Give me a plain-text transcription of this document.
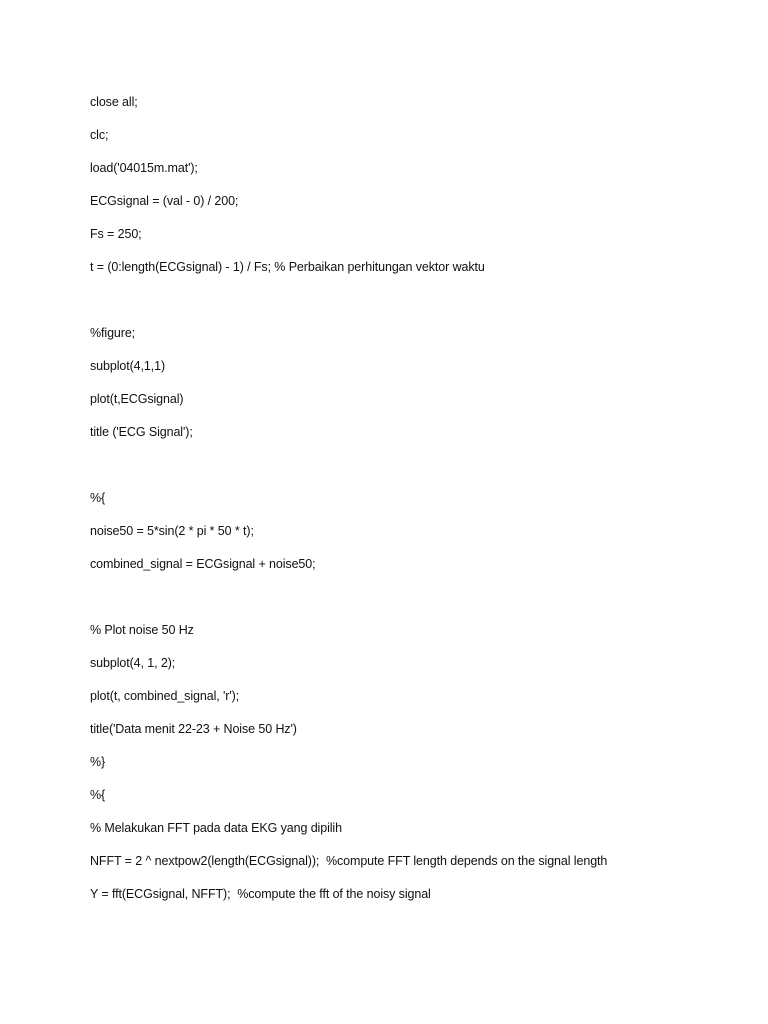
close all;
clc;
load('04015m.mat');
ECGsignal = (val - 0) / 200;
Fs = 250;
t = (0:length(ECGsignal) - 1) / Fs; % Perbaikan perhitungan vektor waktu
%figure;
subplot(4,1,1)
plot(t,ECGsignal)
title ('ECG Signal');
%{
noise50 = 5*sin(2 * pi * 50 * t);
combined_signal = ECGsignal + noise50;
% Plot noise 50 Hz
subplot(4, 1, 2);
plot(t, combined_signal, 'r');
title('Data menit 22-23 + Noise 50 Hz')
%}
%{
% Melakukan FFT pada data EKG yang dipilih
NFFT = 2 ^ nextpow2(length(ECGsignal));  %compute FFT length depends on the signal length
Y = fft(ECGsignal, NFFT);  %compute the fft of the noisy signal
